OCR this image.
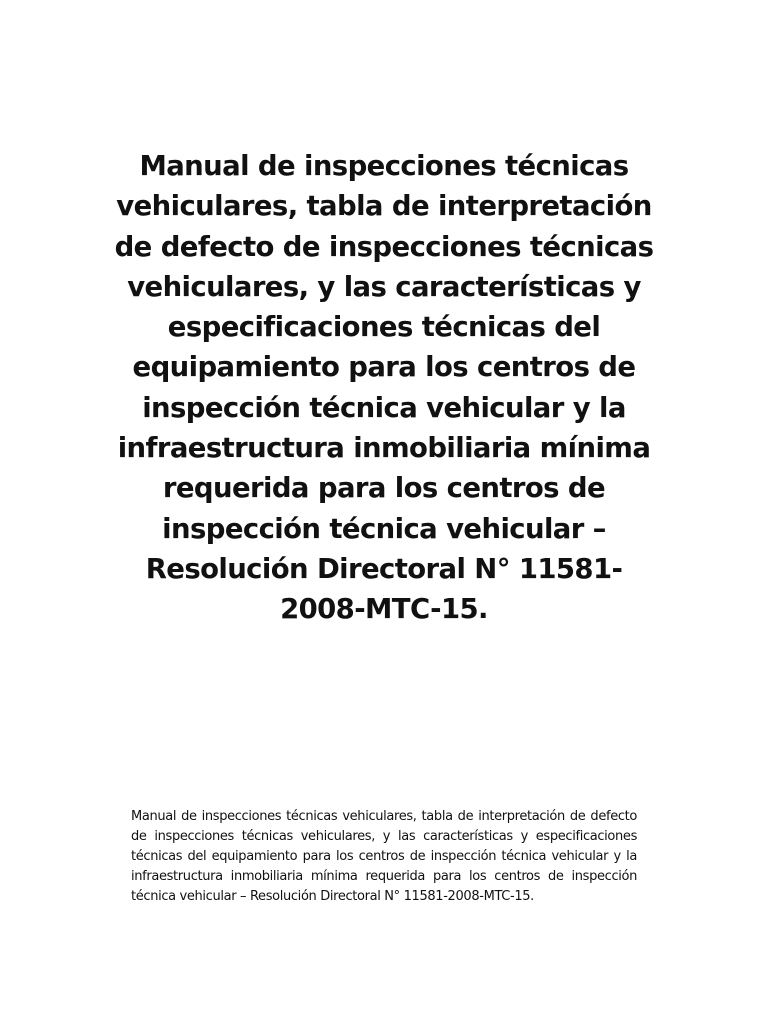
Manual de inspecciones técnicas vehiculares, tabla de interpretación de defecto de inspecciones técnicas vehiculares, y las características y especificaciones técnicas del equipamiento para los centros de inspección técnica vehicular y la infraestructura inmobiliaria mínima requerida para los centros de inspección técnica vehicular – Resolución Directoral N° 11581-2008-MTC-15.

Manual de inspecciones técnicas vehiculares, tabla de interpretación de defecto de inspecciones técnicas vehiculares, y las características y especificaciones técnicas del equipamiento para los centros de inspección técnica vehicular y la infraestructura inmobiliaria mínima requerida para los centros de inspección técnica vehicular – Resolución Directoral N° 11581-2008-MTC-15.
